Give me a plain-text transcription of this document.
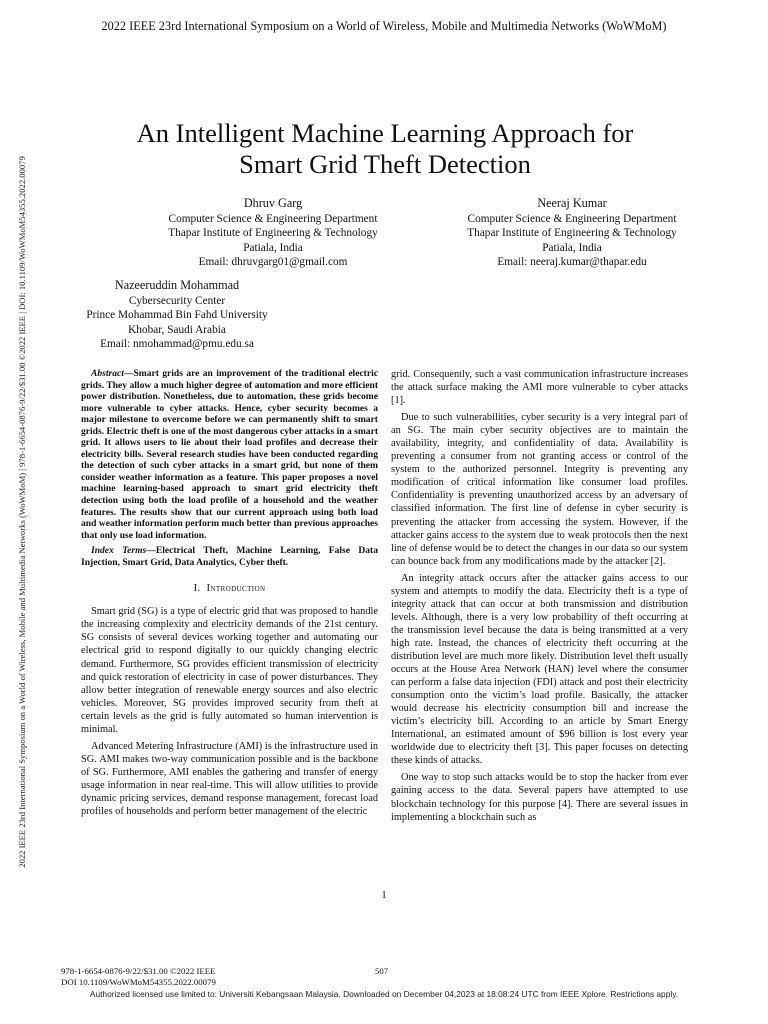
2022 IEEE 23rd International Symposium on a World of Wireless, Mobile and Multimedia Networks (WoWMoM)
2022 IEEE 23rd International Symposium on a World of Wireless, Mobile and Multimedia Networks (WoWMoM) | 978-1-6654-0876-9/22/$31.00 ©2022 IEEE | DOI: 10.1109/WoWMoM54355.2022.00079
An Intelligent Machine Learning Approach for
Smart Grid Theft Detection
Dhruv Garg
Computer Science & Engineering Department
Thapar Institute of Engineering & Technology
Patiala, India
Email: dhruvgarg01@gmail.com
Neeraj Kumar
Computer Science & Engineering Department
Thapar Institute of Engineering & Technology
Patiala, India
Email: neeraj.kumar@thapar.edu
Nazeeruddin Mohammad
Cybersecurity Center
Prince Mohammad Bin Fahd University
Khobar, Saudi Arabia
Email: nmohammad@pmu.edu.sa

Abstract—Smart grids are an improvement of the traditional electric grids. They allow a much higher degree of automation and more efficient power distribution. Nonetheless, due to automation, these grids become more vulnerable to cyber attacks. Hence, cyber security becomes a major milestone to overcome before we can permanently shift to smart grids. Electric theft is one of the most dangerous cyber attacks in a smart grid. It allows users to lie about their load profiles and decrease their electricity bills. Several research studies have been conducted regarding the detection of such cyber attacks in a smart grid, but none of them consider weather information as a feature. This paper proposes a novel machine learning-based approach to smart grid electricity theft detection using both the load profile of a household and the weather features. The results show that our current approach using both load and weather information perform much better than previous approaches that only use load information.

Index Terms—Electrical Theft, Machine Learning, False Data Injection, Smart Grid, Data Analytics, Cyber theft.

I. Introduction

Smart grid (SG) is a type of electric grid that was proposed to handle the increasing complexity and electricity demands of the 21st century. SG consists of several devices working together and automating our electrical grid to respond digitally to our quickly changing electric demand. Furthermore, SG provides efficient transmission of electricity and quick restoration of electricity in case of power disturbances. They allow better integration of renewable energy sources and also electric vehicles. Moreover, SG provides improved security from theft at certain levels as the grid is fully automated so human intervention is minimal.

Advanced Metering Infrastructure (AMI) is the infrastructure used in SG. AMI makes two-way communication possible and is the backbone of SG. Furthermore, AMI enables the gathering and transfer of energy usage information in near real-time. This will allow utilities to provide dynamic pricing services, demand response management, forecast load profiles of households and perform better management of the electric

grid. Consequently, such a vast communication infrastructure increases the attack surface making the AMI more vulnerable to cyber attacks [1].

Due to such vulnerabilities, cyber security is a very integral part of an SG. The main cyber security objectives are to maintain the availability, integrity, and confidentiality of data. Availability is preventing a consumer from not granting access or control of the system to the authorized personnel. Integrity is preventing any modification of critical information like consumer load profiles. Confidentiality is preventing unauthorized access by an adversary of classified information. The first line of defense in cyber security is preventing the attacker from accessing the system. However, if the attacker gains access to the system due to weak protocols then the next line of defense would be to detect the changes in our data so our system can bounce back from any modifications made by the attacker [2].

An integrity attack occurs after the attacker gains access to our system and attempts to modify the data. Electricity theft is a type of integrity attack that can occur at both transmission and distribution levels. Although, there is a very low probability of theft occurring at the transmission level because the data is being transmitted at a very high rate. Instead, the chances of electricity theft occurring at the distribution level are much more likely. Distribution level theft usually occurs at the House Area Network (HAN) level where the consumer can perform a false data injection (FDI) attack and post their electricity consumption onto the victim’s load profile. Basically, the attacker would decrease his electricity consumption bill and increase the victim’s electricity bill. According to an article by Smart Energy International, an estimated amount of $96 billion is lost every year worldwide due to electricity theft [3]. This paper focuses on detecting these kinds of attacks.

One way to stop such attacks would be to stop the hacker from ever gaining access to the data. Several papers have attempted to use blockchain technology for this purpose [4]. There are several issues in implementing a blockchain such as

1
978-1-6654-0876-9/22/$31.00 ©2022 IEEE
DOI 10.1109/WoWMoM54355.2022.00079
507
Authorized licensed use limited to: Universiti Kebangsaan Malaysia. Downloaded on December 04,2023 at 18:08:24 UTC from IEEE Xplore. Restrictions apply.
